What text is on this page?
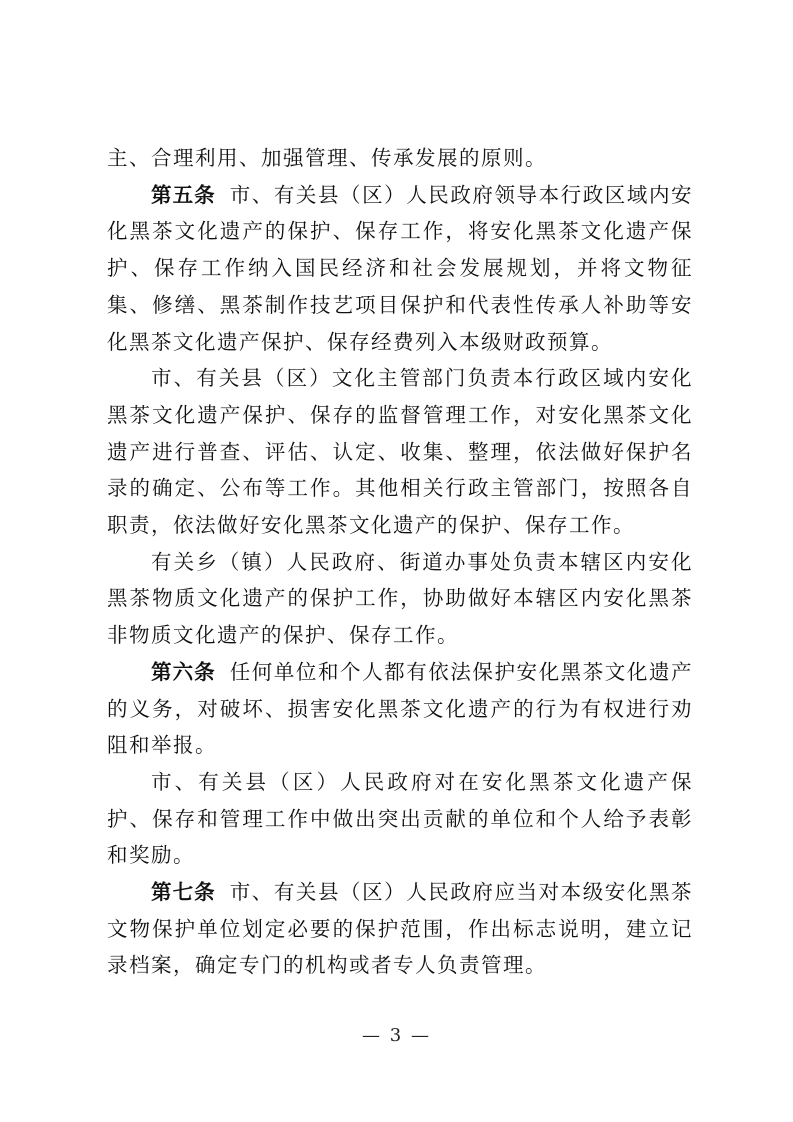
主、合理利用、加强管理、传承发展的原则。

第五条 市、有关县（区）人民政府领导本行政区域内安化黑茶文化遗产的保护、保存工作，将安化黑茶文化遗产保护、保存工作纳入国民经济和社会发展规划，并将文物征集、修缮、黑茶制作技艺项目保护和代表性传承人补助等安化黑茶文化遗产保护、保存经费列入本级财政预算。

市、有关县（区）文化主管部门负责本行政区域内安化黑茶文化遗产保护、保存的监督管理工作，对安化黑茶文化遗产进行普查、评估、认定、收集、整理，依法做好保护名录的确定、公布等工作。其他相关行政主管部门，按照各自职责，依法做好安化黑茶文化遗产的保护、保存工作。

有关乡（镇）人民政府、街道办事处负责本辖区内安化黑茶物质文化遗产的保护工作，协助做好本辖区内安化黑茶非物质文化遗产的保护、保存工作。

第六条 任何单位和个人都有依法保护安化黑茶文化遗产的义务，对破坏、损害安化黑茶文化遗产的行为有权进行劝阻和举报。

市、有关县（区）人民政府对在安化黑茶文化遗产保护、保存和管理工作中做出突出贡献的单位和个人给予表彰和奖励。

第七条 市、有关县（区）人民政府应当对本级安化黑茶文物保护单位划定必要的保护范围，作出标志说明，建立记录档案，确定专门的机构或者专人负责管理。

— 3 —
